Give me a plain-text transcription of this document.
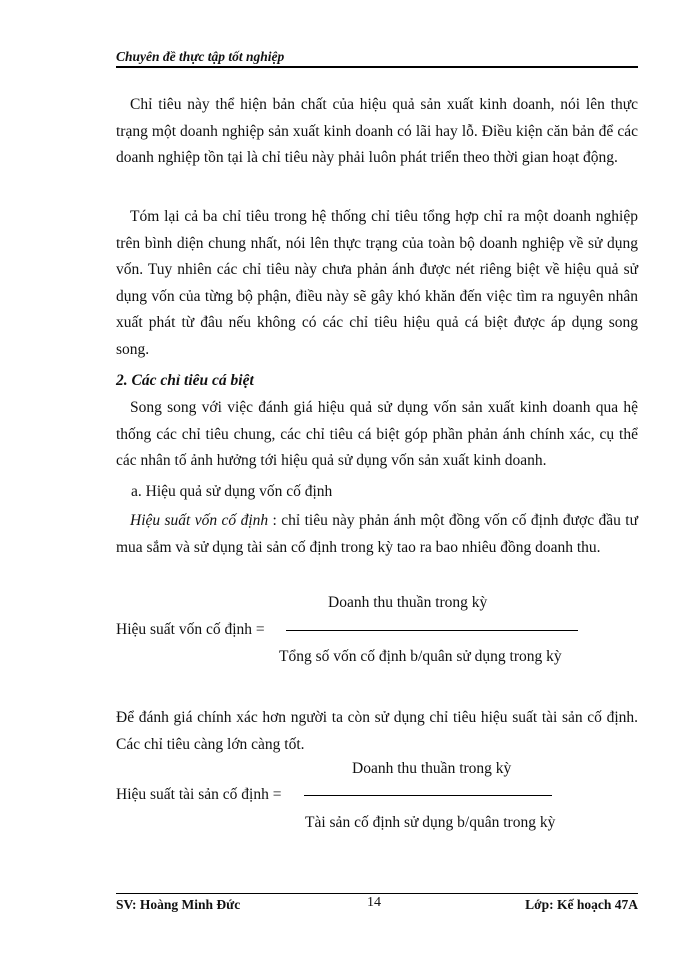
Chuyên đề thực tập tốt nghiệp
Chỉ tiêu này thể hiện bản chất của hiệu quả sản xuất kinh doanh, nói lên thực trạng một doanh nghiệp sản xuất kinh doanh có lãi hay lỗ. Điều kiện căn bản để các doanh nghiệp tồn tại là chỉ tiêu này phải luôn phát triển theo thời gian hoạt động.
Tóm lại cả ba chỉ tiêu trong hệ thống chỉ tiêu tổng hợp chỉ ra một doanh nghiệp trên bình diện chung nhất, nói lên thực trạng của toàn bộ doanh nghiệp về sử dụng vốn. Tuy nhiên các chỉ tiêu này chưa phản ánh được nét riêng biệt về hiệu quả sử dụng vốn của từng bộ phận, điều này sẽ gây khó khăn đến việc tìm ra nguyên nhân xuất phát từ đâu nếu không có các chỉ tiêu hiệu quả cá biệt được áp dụng song song.
2. Các chỉ tiêu cá biệt
Song song với việc đánh giá hiệu quả sử dụng vốn sản xuất kinh doanh qua hệ thống các chỉ tiêu chung, các chỉ tiêu cá biệt góp phần phản ánh chính xác, cụ thể các nhân tố ảnh hưởng tới hiệu quả sử dụng vốn sản xuất kinh doanh.
a. Hiệu quả sử dụng vốn cố định
Hiệu suất vốn cố định : chỉ tiêu này phản ánh một đồng vốn cố định được đầu tư mua sắm và sử dụng tài sản cố định trong kỳ tao ra bao nhiêu đồng doanh thu.
Doanh thu thuần trong kỳ
Hiệu suất vốn cố định =
Tổng số vốn cố định b/quân sử dụng trong kỳ
Để đánh giá chính xác hơn người ta còn sử dụng chỉ tiêu hiệu suất tài sản cố định. Các chỉ tiêu càng lớn càng tốt.
Doanh thu thuần trong kỳ
Hiệu suất tài sản cố định =
Tài sản cố định sử dụng b/quân trong kỳ
SV: Hoàng Minh Đức	14	Lớp: Kế hoạch 47A
